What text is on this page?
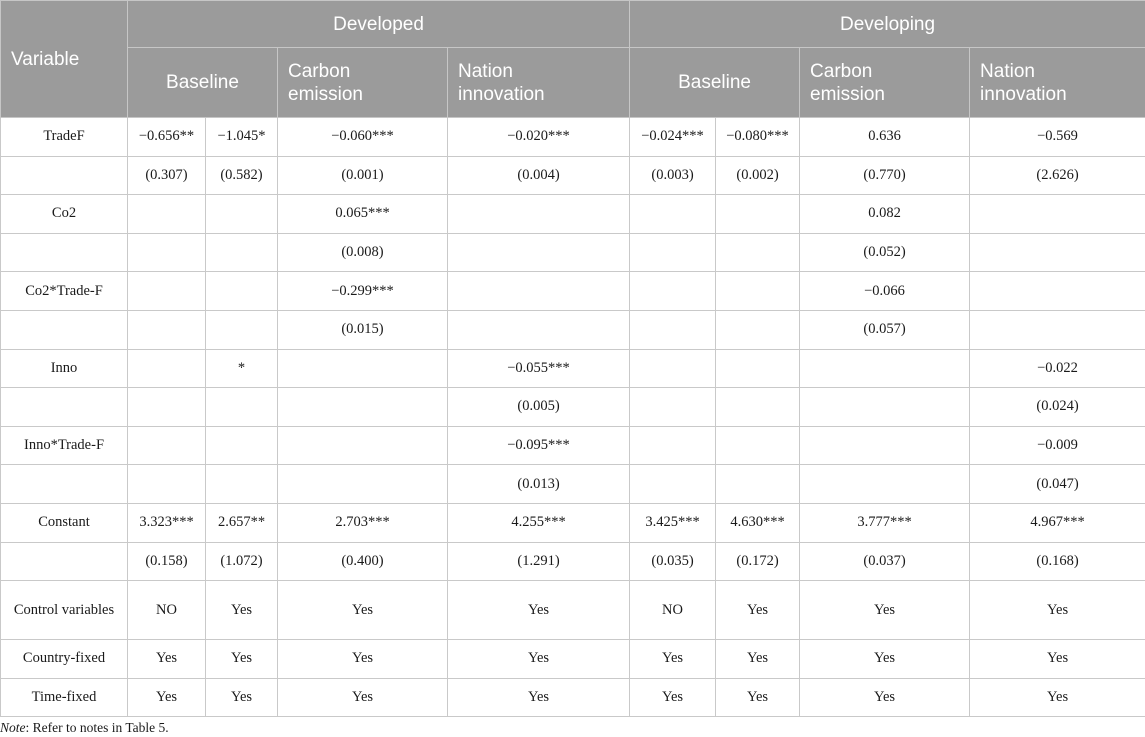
Variable	Developed				Developing			
	Baseline		Carbon emission	Nation innovation	Baseline		Carbon emission	Nation innovation

TradeF	−0.656**	−1.045*	−0.060***	−0.020***	−0.024***	−0.080***	0.636	−0.569
	(0.307)	(0.582)	(0.001)	(0.004)	(0.003)	(0.002)	(0.770)	(2.626)
Co2			0.065***				0.082	
			(0.008)				(0.052)	
Co2*Trade-F			−0.299***				−0.066	
			(0.015)				(0.057)	
Inno		*		−0.055***				−0.022
				(0.005)				(0.024)
Inno*Trade-F				−0.095***				−0.009
				(0.013)				(0.047)
Constant	3.323***	2.657**	2.703***	4.255***	3.425***	4.630***	3.777***	4.967***
	(0.158)	(1.072)	(0.400)	(1.291)	(0.035)	(0.172)	(0.037)	(0.168)
Control variables	NO	Yes	Yes	Yes	NO	Yes	Yes	Yes
Country-fixed	Yes	Yes	Yes	Yes	Yes	Yes	Yes	Yes
Time-fixed	Yes	Yes	Yes	Yes	Yes	Yes	Yes	Yes
Note: Refer to notes in Table 5.
